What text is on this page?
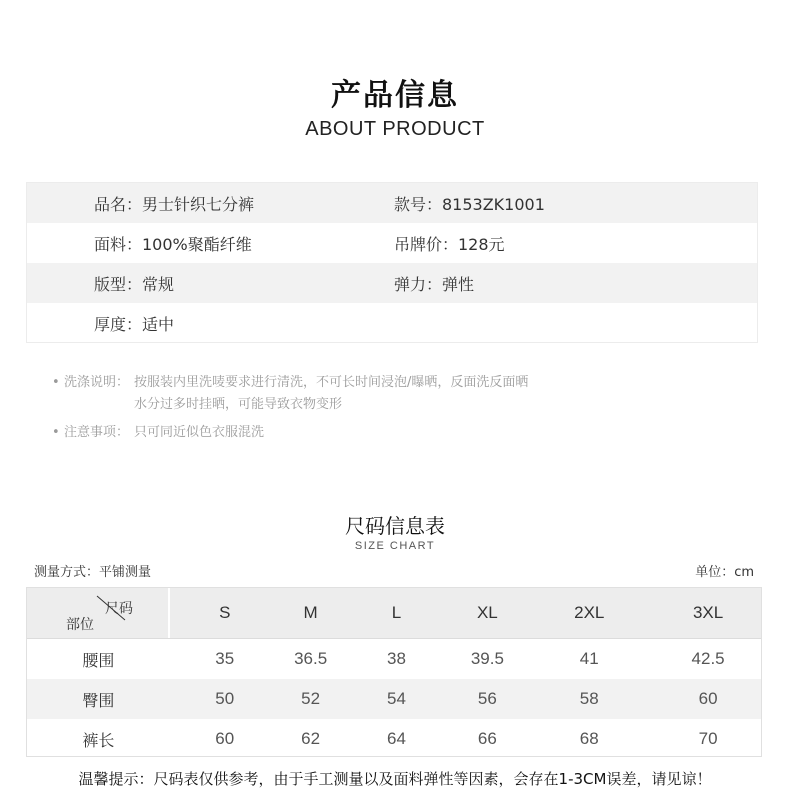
产品信息
ABOUT PRODUCT
品名：男士针织七分裤	款号：8153ZK1001
面料：100%聚酯纤维	吊牌价：128元
版型：常规	弹力：弹性
厚度：适中
• 洗涤说明： 按服装内里洗唛要求进行清洗，不可长时间浸泡/曝晒，反面洗反面晒
水分过多时挂晒，可能导致衣物变形
• 注意事项： 只可同近似色衣服混洗
尺码信息表
SIZE CHART
测量方式：平铺测量	单位：cm
尺码
部位
S	M	L	XL	2XL	3XL
腰围	35	36.5	38	39.5	41	42.5
臀围	50	52	54	56	58	60
裤长	60	62	64	66	68	70
温馨提示：尺码表仅供参考，由于手工测量以及面料弹性等因素，会存在1-3CM误差，请见谅！
